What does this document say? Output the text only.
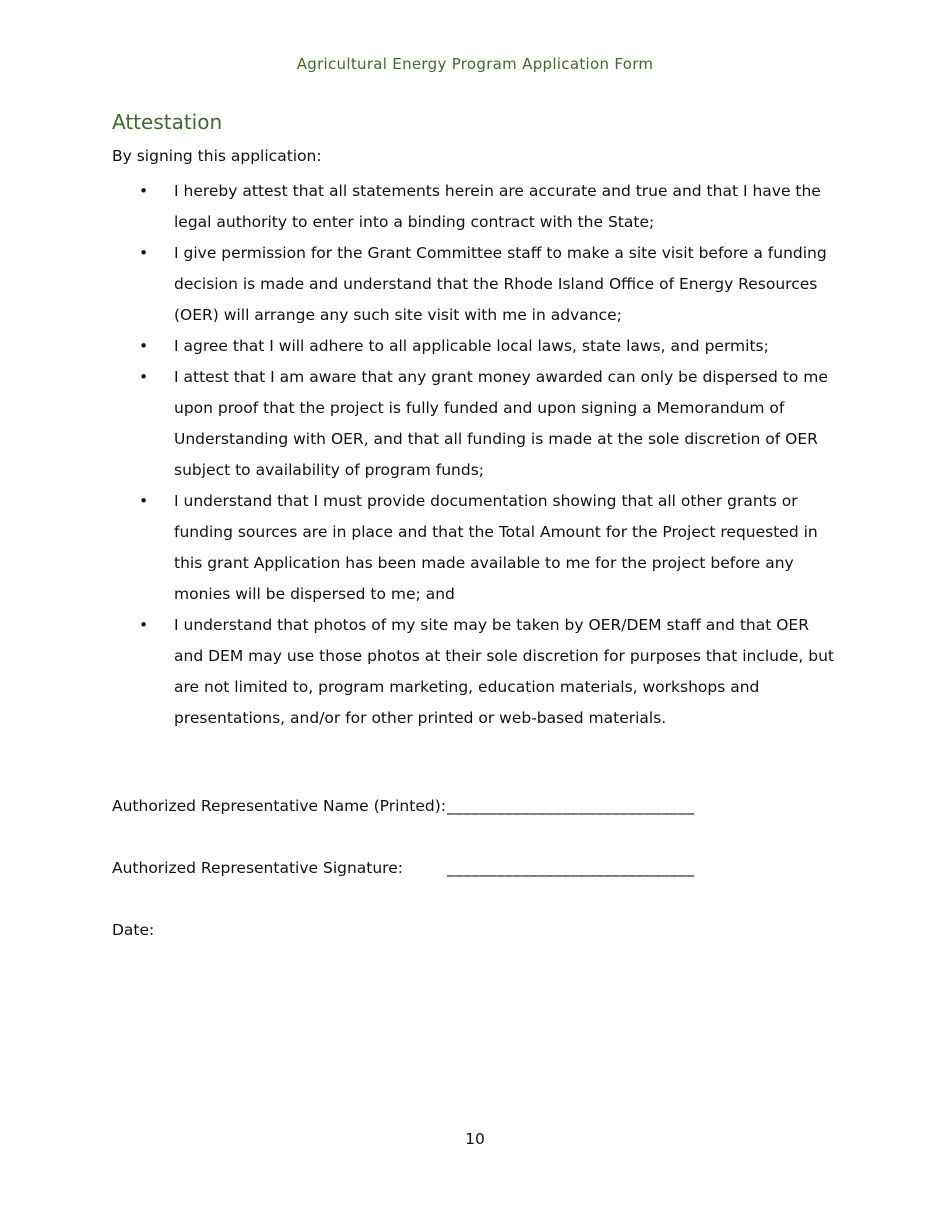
Agricultural Energy Program Application Form
Attestation
By signing this application:
• I hereby attest that all statements herein are accurate and true and that I have the legal authority to enter into a binding contract with the State;
• I give permission for the Grant Committee staff to make a site visit before a funding decision is made and understand that the Rhode Island Office of Energy Resources (OER) will arrange any such site visit with me in advance;
• I agree that I will adhere to all applicable local laws, state laws, and permits;
• I attest that I am aware that any grant money awarded can only be dispersed to me upon proof that the project is fully funded and upon signing a Memorandum of Understanding with OER, and that all funding is made at the sole discretion of OER subject to availability of program funds;
• I understand that I must provide documentation showing that all other grants or funding sources are in place and that the Total Amount for the Project requested in this grant Application has been made available to me for the project before any monies will be dispersed to me; and
• I understand that photos of my site may be taken by OER/DEM staff and that OER and DEM may use those photos at their sole discretion for purposes that include, but are not limited to, program marketing, education materials, workshops and presentations, and/or for other printed or web-based materials.
Authorized Representative Name (Printed): ______________________________
Authorized Representative Signature:	______________________________
Date:
10
